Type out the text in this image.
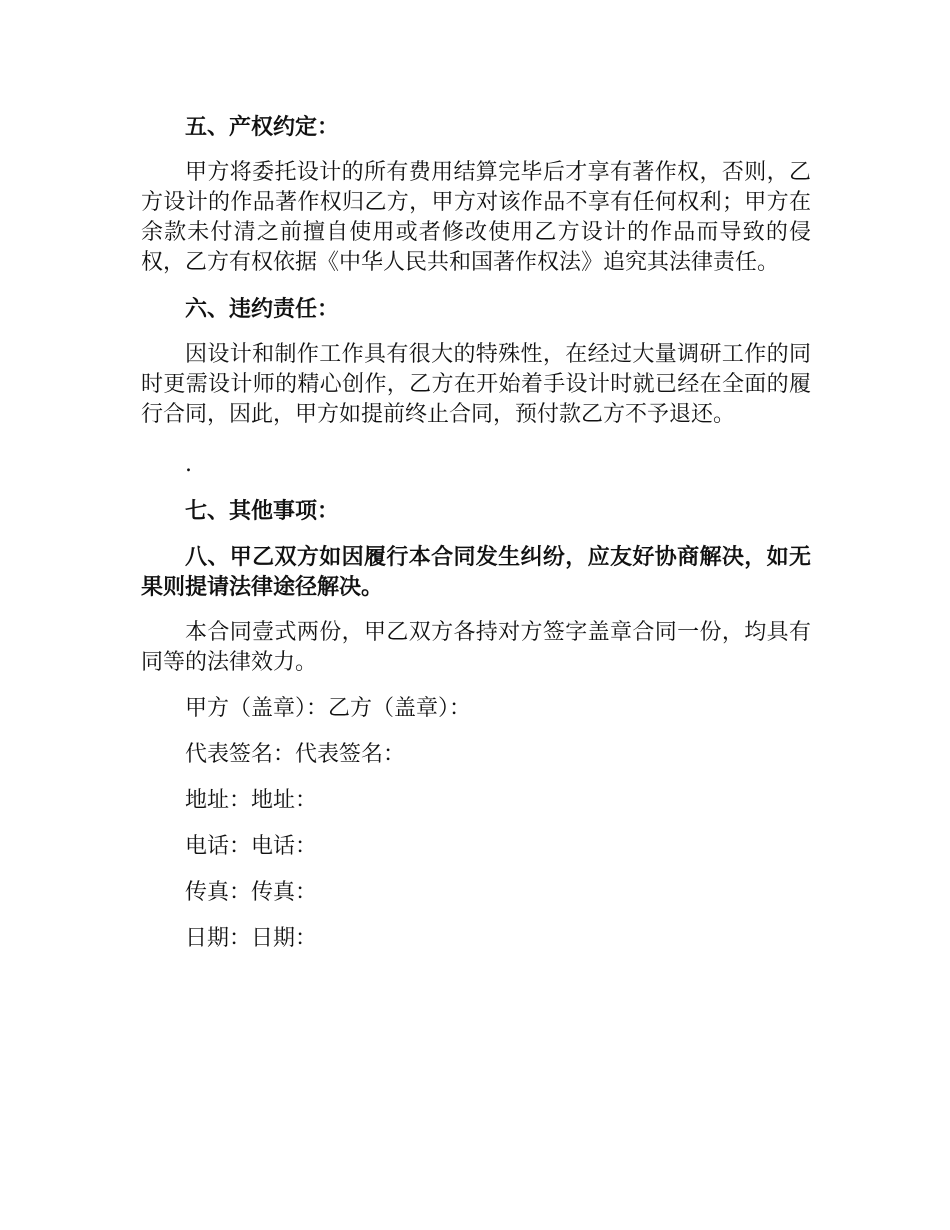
五、产权约定：
甲方将委托设计的所有费用结算完毕后才享有著作权，否则，乙方设计的作品著作权归乙方，甲方对该作品不享有任何权利；甲方在余款未付清之前擅自使用或者修改使用乙方设计的作品而导致的侵权，乙方有权依据《中华人民共和国著作权法》追究其法律责任。
六、违约责任：
因设计和制作工作具有很大的特殊性，在经过大量调研工作的同时更需设计师的精心创作，乙方在开始着手设计时就已经在全面的履行合同，因此，甲方如提前终止合同，预付款乙方不予退还。
.
七、其他事项：
八、甲乙双方如因履行本合同发生纠纷，应友好协商解决，如无果则提请法律途径解决。
本合同壹式两份，甲乙双方各持对方签字盖章合同一份，均具有同等的法律效力。
甲方（盖章）：乙方（盖章）：
代表签名：代表签名：
地址：地址：
电话：电话：
传真：传真：
日期：日期：
